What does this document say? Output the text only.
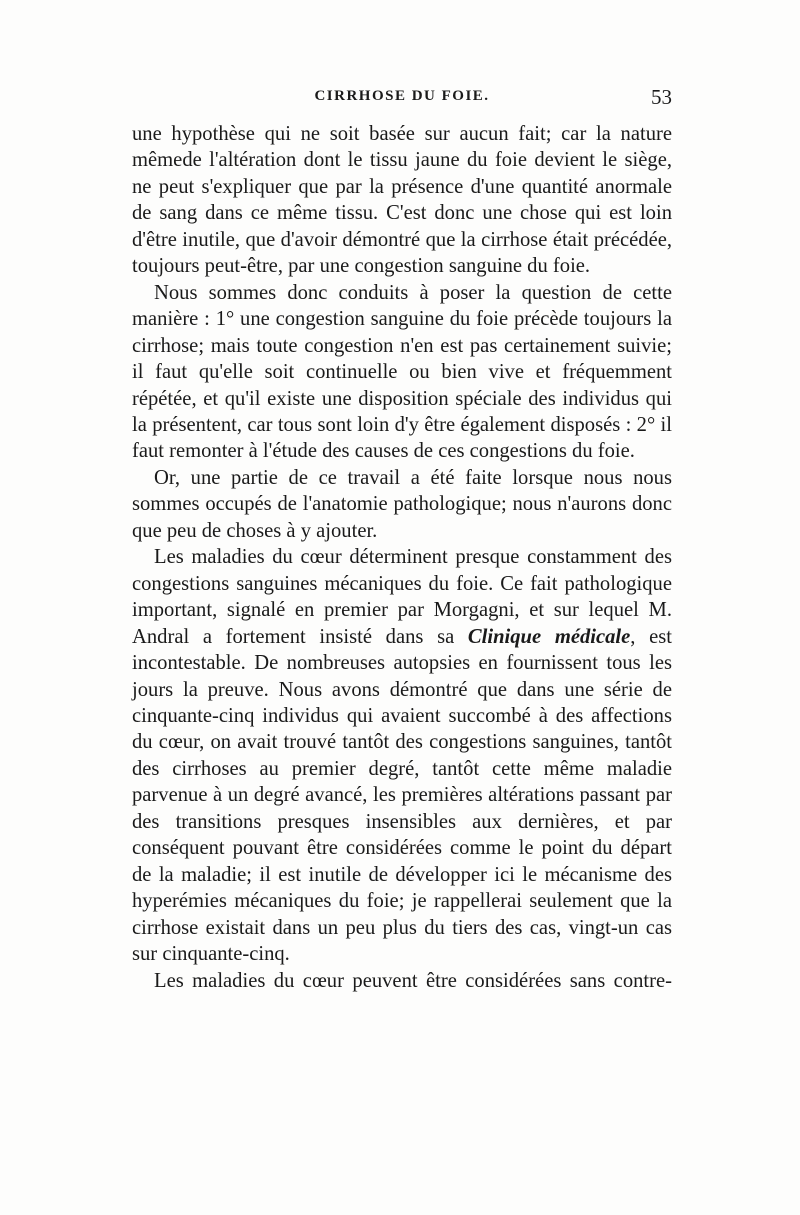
CIRRHOSE DU FOIE.	53

une hypothèse qui ne soit basée sur aucun fait; car la nature mêmede l'altération dont le tissu jaune du foie devient le siège, ne peut s'expliquer que par la présence d'une quantité anormale de sang dans ce même tissu. C'est donc une chose qui est loin d'être inutile, que d'avoir démontré que la cirrhose était précédée, toujours peut-être, par une congestion sanguine du foie.

Nous sommes donc conduits à poser la question de cette manière : 1° une congestion sanguine du foie précède toujours la cirrhose; mais toute congestion n'en est pas certainement suivie; il faut qu'elle soit continuelle ou bien vive et fréquemment répétée, et qu'il existe une disposition spéciale des individus qui la présentent, car tous sont loin d'y être également disposés : 2° il faut remonter à l'étude des causes de ces congestions du foie.

Or, une partie de ce travail a été faite lorsque nous nous sommes occupés de l'anatomie pathologique; nous n'aurons donc que peu de choses à y ajouter.

Les maladies du cœur déterminent presque constamment des congestions sanguines mécaniques du foie. Ce fait pathologique important, signalé en premier par Morgagni, et sur lequel M. Andral a fortement insisté dans sa Clinique médicale, est incontestable. De nombreuses autopsies en fournissent tous les jours la preuve. Nous avons démontré que dans une série de cinquante-cinq individus qui avaient succombé à des affections du cœur, on avait trouvé tantôt des congestions sanguines, tantôt des cirrhoses au premier degré, tantôt cette même maladie parvenue à un degré avancé, les premières altérations passant par des transitions presques insensibles aux dernières, et par conséquent pouvant être considérées comme le point du départ de la maladie; il est inutile de développer ici le mécanisme des hyperémies mécaniques du foie; je rappellerai seulement que la cirrhose existait dans un peu plus du tiers des cas, vingt-un cas sur cinquante-cinq.

Les maladies du cœur peuvent être considérées sans contre-
